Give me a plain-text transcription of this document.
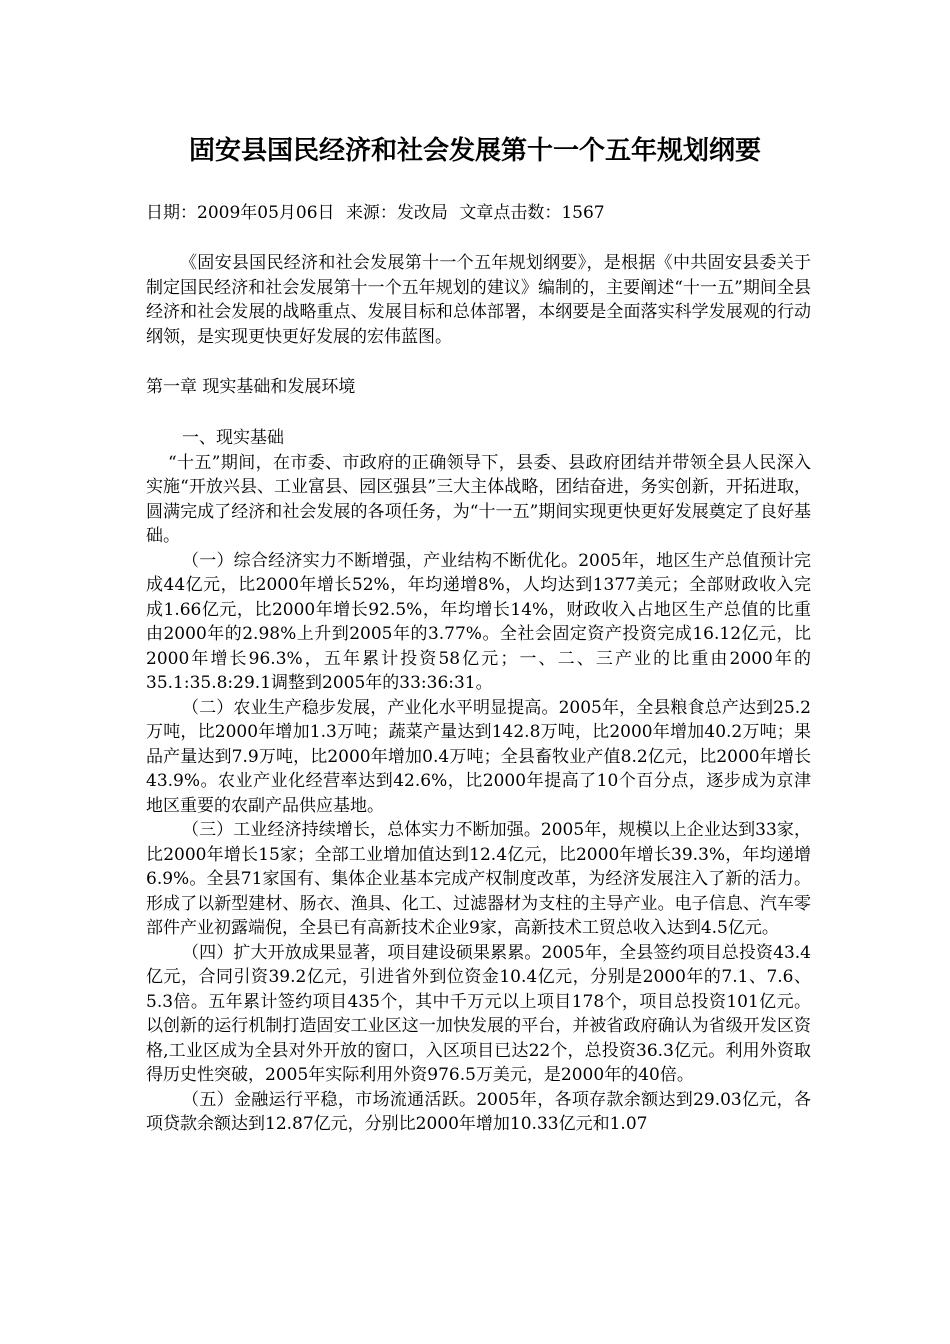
固安县国民经济和社会发展第十一个五年规划纲要
日期：2009年05月06日 来源：发改局 文章点击数：1567
《固安县国民经济和社会发展第十一个五年规划纲要》，是根据《中共固安县委关于制定国民经济和社会发展第十一个五年规划的建议》编制的，主要阐述“十一五”期间全县经济和社会发展的战略重点、发展目标和总体部署，本纲要是全面落实科学发展观的行动纲领，是实现更快更好发展的宏伟蓝图。
第一章 现实基础和发展环境

一、现实基础

“十五”期间，在市委、市政府的正确领导下，县委、县政府团结并带领全县人民深入实施“开放兴县、工业富县、园区强县”三大主体战略，团结奋进，务实创新，开拓进取，圆满完成了经济和社会发展的各项任务，为“十一五”期间实现更快更好发展奠定了良好基础。

（一）综合经济实力不断增强，产业结构不断优化。2005年，地区生产总值预计完成44亿元，比2000年增长52%，年均递增8%，人均达到1377美元；全部财政收入完成1.66亿元，比2000年增长92.5%，年均增长14%，财政收入占地区生产总值的比重由2000年的2.98%上升到2005年的3.77%。全社会固定资产投资完成16.12亿元，比2000年增长96.3%，五年累计投资58亿元；一、二、三产业的比重由2000年的35.1:35.8:29.1调整到2005年的33:36:31。

（二）农业生产稳步发展，产业化水平明显提高。2005年，全县粮食总产达到25.2万吨，比2000年增加1.3万吨；蔬菜产量达到142.8万吨，比2000年增加40.2万吨；果品产量达到7.9万吨，比2000年增加0.4万吨；全县畜牧业产值8.2亿元，比2000年增长43.9%。农业产业化经营率达到42.6%，比2000年提高了10个百分点，逐步成为京津地区重要的农副产品供应基地。

（三）工业经济持续增长，总体实力不断加强。2005年，规模以上企业达到33家，比2000年增长15家；全部工业增加值达到12.4亿元，比2000年增长39.3%，年均递增6.9%。全县71家国有、集体企业基本完成产权制度改革，为经济发展注入了新的活力。形成了以新型建材、肠衣、渔具、化工、过滤器材为支柱的主导产业。电子信息、汽车零部件产业初露端倪，全县已有高新技术企业9家，高新技术工贸总收入达到4.5亿元。

（四）扩大开放成果显著，项目建设硕果累累。2005年，全县签约项目总投资43.4亿元，合同引资39.2亿元，引进省外到位资金10.4亿元，分别是2000年的7.1、7.6、5.3倍。五年累计签约项目435个，其中千万元以上项目178个，项目总投资101亿元。以创新的运行机制打造固安工业区这一加快发展的平台，并被省政府确认为省级开发区资格,工业区成为全县对外开放的窗口，入区项目已达22个，总投资36.3亿元。利用外资取得历史性突破，2005年实际利用外资976.5万美元，是2000年的40倍。

（五）金融运行平稳，市场流通活跃。2005年，各项存款余额达到29.03亿元，各项贷款余额达到12.87亿元，分别比2000年增加10.33亿元和1.07
